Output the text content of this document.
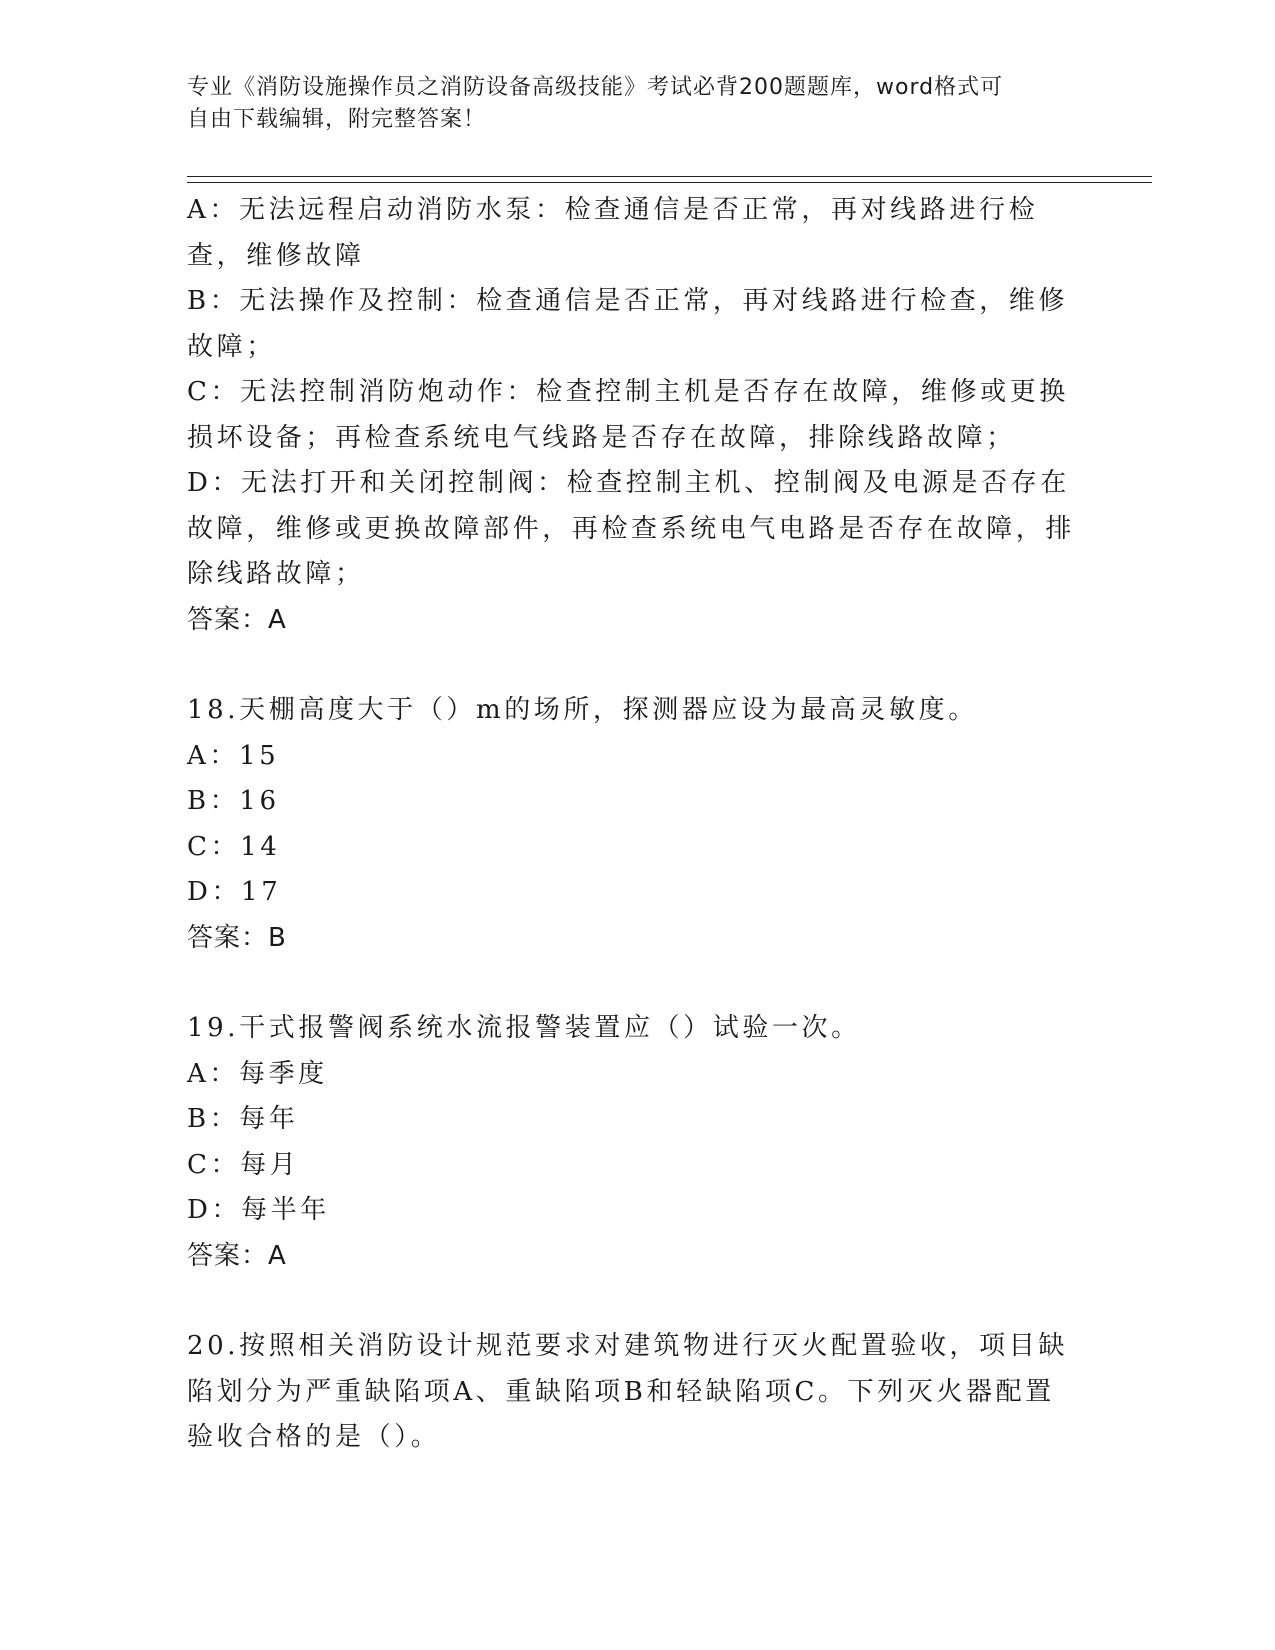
专业《消防设施操作员之消防设备高级技能》考试必背200题题库，word格式可
自由下载编辑，附完整答案！

A：无法远程启动消防水泵：检查通信是否正常，再对线路进行检查，维修故障

B：无法操作及控制：检查通信是否正常，再对线路进行检查，维修故障；

C：无法控制消防炮动作：检查控制主机是否存在故障，维修或更换损坏设备；再检查系统电气线路是否存在故障，排除线路故障；

D：无法打开和关闭控制阀：检查控制主机、控制阀及电源是否存在故障，维修或更换故障部件，再检查系统电气电路是否存在故障，排除线路故障；

答案：A

18.天棚高度大于（）m的场所，探测器应设为最高灵敏度。

A：15

B：16

C：14

D：17

答案：B

19.干式报警阀系统水流报警装置应（）试验一次。

A：每季度

B：每年

C：每月

D：每半年

答案：A

20.按照相关消防设计规范要求对建筑物进行灭火配置验收，项目缺陷划分为严重缺陷项A、重缺陷项B和轻缺陷项C。下列灭火器配置验收合格的是（）。
